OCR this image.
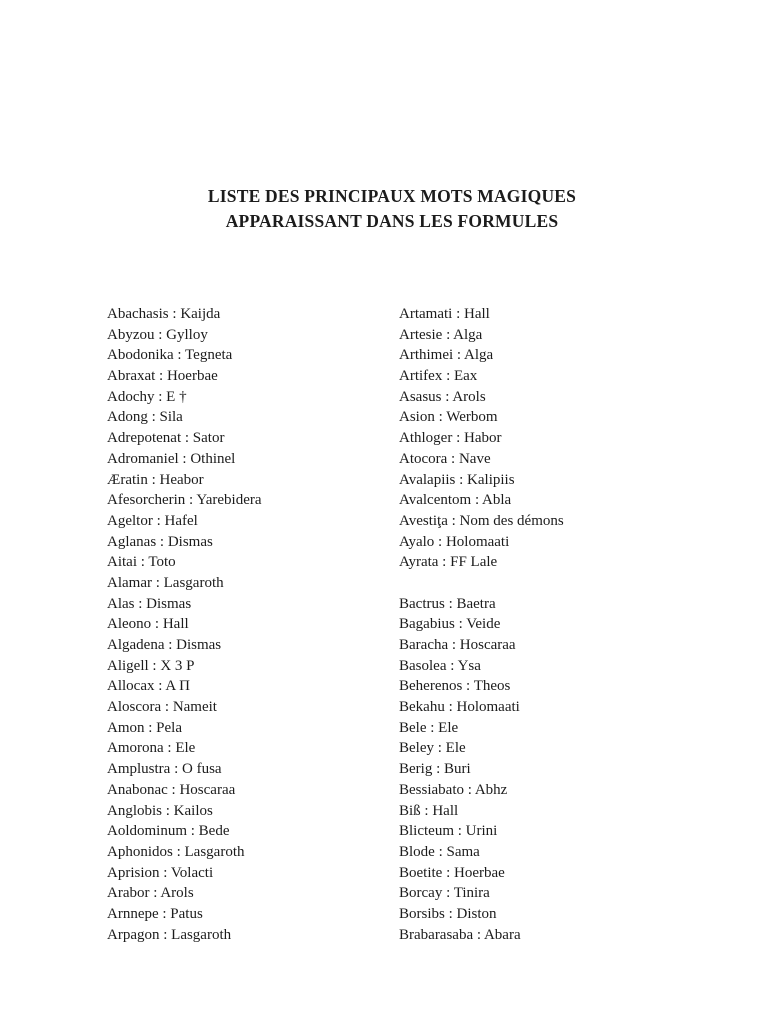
LISTE DES PRINCIPAUX MOTS MAGIQUES
APPARAISSANT DANS LES FORMULES
Abachasis : Kaijda
Abyzou : Gylloy
Abodonika : Tegneta
Abraxat : Hoerbae
Adochy : E †
Adong : Sila
Adrepotenat : Sator
Adromaniel : Othinel
Æratin : Heabor
Afesorcherin : Yarebidera
Ageltor : Hafel
Aglanas : Dismas
Aitai : Toto
Alamar : Lasgaroth
Alas : Dismas
Aleono : Hall
Algadena : Dismas
Aligell : X 3 P
Allocax : A Π
Aloscora : Nameit
Amon : Pela
Amorona : Ele
Amplustra : O fusa
Anabonac : Hoscaraa
Anglobis : Kailos
Aoldominum : Bede
Aphonidos : Lasgaroth
Aprision : Volacti
Arabor : Arols
Arnnepe : Patus
Arpagon : Lasgaroth
Artamati : Hall
Artesie : Alga
Arthimei : Alga
Artifex : Eax
Asasus : Arols
Asion : Werbom
Athloger : Habor
Atocora : Nave
Avalapiis : Kalipiis
Avalcentom : Abla
Avestiţa : Nom des démons
Ayalo : Holomaati
Ayrata : FF Lale
Bactrus : Baetra
Bagabius : Veide
Baracha : Hoscaraa
Basolea : Ysa
Beherenos : Theos
Bekahu : Holomaati
Bele : Ele
Beley : Ele
Berig : Buri
Bessiabato : Abhz
Biß : Hall
Blicteum : Urini
Blode : Sama
Boetite : Hoerbae
Borcay : Tinira
Borsibs : Diston
Brabarasaba : Abara
